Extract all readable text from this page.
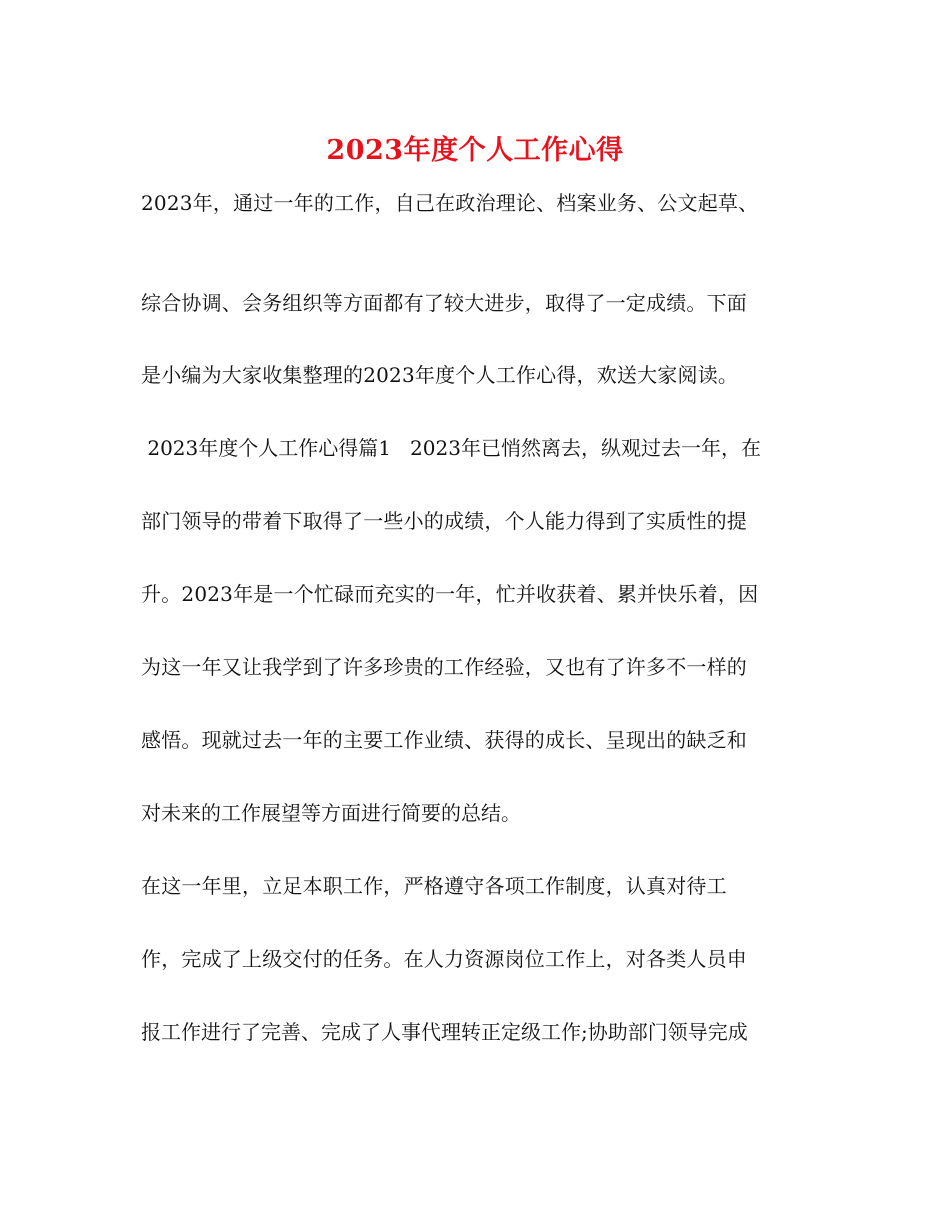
2023年度个人工作心得

2023年，通过一年的工作，自己在政治理论、档案业务、公文起草、

综合协调、会务组织等方面都有了较大进步，取得了一定成绩。下面

是小编为大家收集整理的2023年度个人工作心得，欢送大家阅读。

2023年度个人工作心得篇1   2023年已悄然离去，纵观过去一年，在

部门领导的带着下取得了一些小的成绩，个人能力得到了实质性的提

升。2023年是一个忙碌而充实的一年，忙并收获着、累并快乐着，因

为这一年又让我学到了许多珍贵的工作经验，又也有了许多不一样的

感悟。现就过去一年的主要工作业绩、获得的成长、呈现出的缺乏和

对未来的工作展望等方面进行简要的总结。

在这一年里，立足本职工作，严格遵守各项工作制度，认真对待工

作，完成了上级交付的任务。在人力资源岗位工作上，对各类人员申

报工作进行了完善、完成了人事代理转正定级工作;协助部门领导完成
